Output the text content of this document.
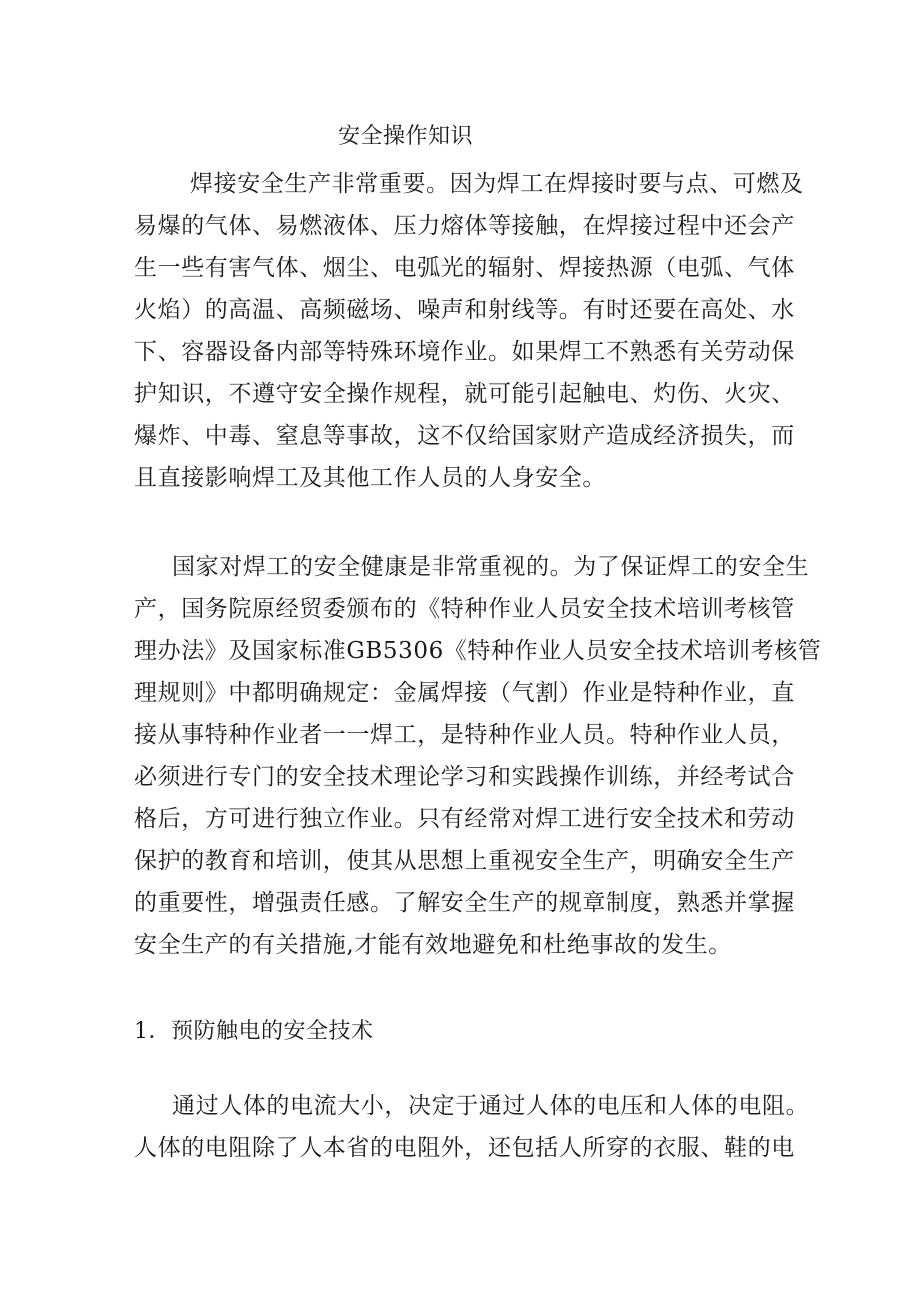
安全操作知识
焊接安全生产非常重要。因为焊工在焊接时要与点、可燃及
易爆的气体、易燃液体、压力熔体等接触，在焊接过程中还会产
生一些有害气体、烟尘、电弧光的辐射、焊接热源（电弧、气体
火焰）的高温、高频磁场、噪声和射线等。有时还要在高处、水
下、容器设备内部等特殊环境作业。如果焊工不熟悉有关劳动保
护知识，不遵守安全操作规程，就可能引起触电、灼伤、火灾、
爆炸、中毒、窒息等事故，这不仅给国家财产造成经济损失，而
且直接影响焊工及其他工作人员的人身安全。
国家对焊工的安全健康是非常重视的。为了保证焊工的安全生
产，国务院原经贸委颁布的《特种作业人员安全技术培训考核管
理办法》及国家标准GB5306《特种作业人员安全技术培训考核管
理规则》中都明确规定：金属焊接（气割）作业是特种作业，直
接从事特种作业者一一焊工，是特种作业人员。特种作业人员，
必须进行专门的安全技术理论学习和实践操作训练，并经考试合
格后，方可进行独立作业。只有经常对焊工进行安全技术和劳动
保护的教育和培训，使其从思想上重视安全生产，明确安全生产
的重要性，增强责任感。了解安全生产的规章制度，熟悉并掌握
安全生产的有关措施,才能有效地避免和杜绝事故的发生。
1．预防触电的安全技术
通过人体的电流大小，决定于通过人体的电压和人体的电阻。
人体的电阻除了人本省的电阻外，还包括人所穿的衣服、鞋的电
